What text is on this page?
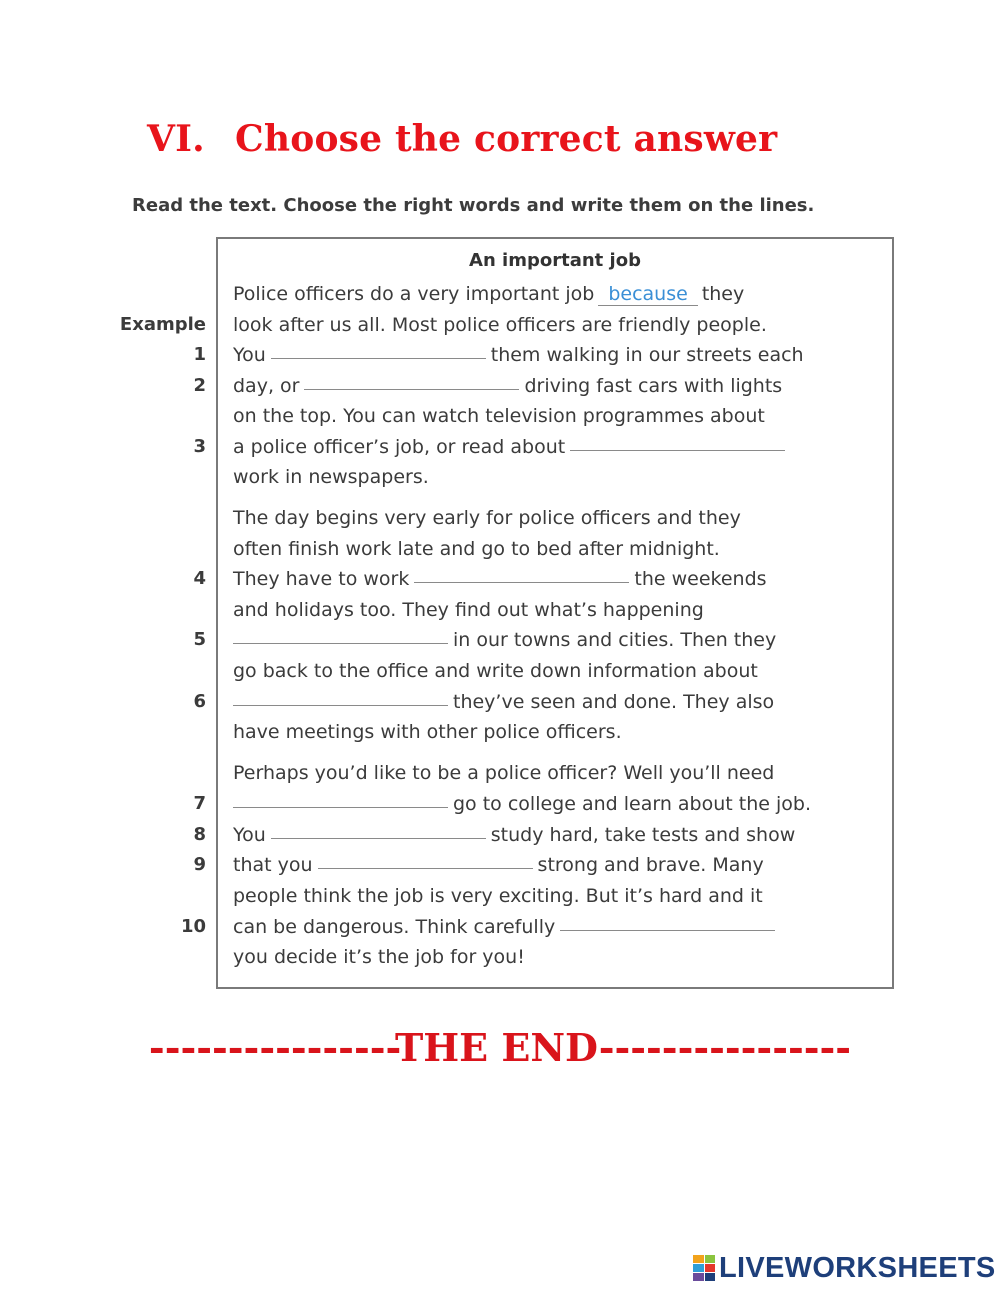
VI. Choose the correct answer

Read the text. Choose the right words and write them on the lines.

An important job

Police officers do a very important job because they
Example look after us all. Most police officers are friendly people.
1 You	them walking in our streets each
2 day, or	driving fast cars with lights
on the top. You can watch television programmes about
3 a police officer’s job, or read about
work in newspapers.
The day begins very early for police officers and they
often finish work late and go to bed after midnight.
4 They have to work	the weekends
and holidays too. They find out what’s happening
5	in our towns and cities. Then they
go back to the office and write down information about
6	they’ve seen and done. They also
have meetings with other police officers.
Perhaps you’d like to be a police officer? Well you’ll need
7	go to college and learn about the job.
8 You	study hard, take tests and show
9 that you	strong and brave. Many
people think the job is very exciting. But it’s hard and it
10 can be dangerous. Think carefully
you decide it’s the job for you!

----------------THE END----------------

LIVEWORKSHEETS
